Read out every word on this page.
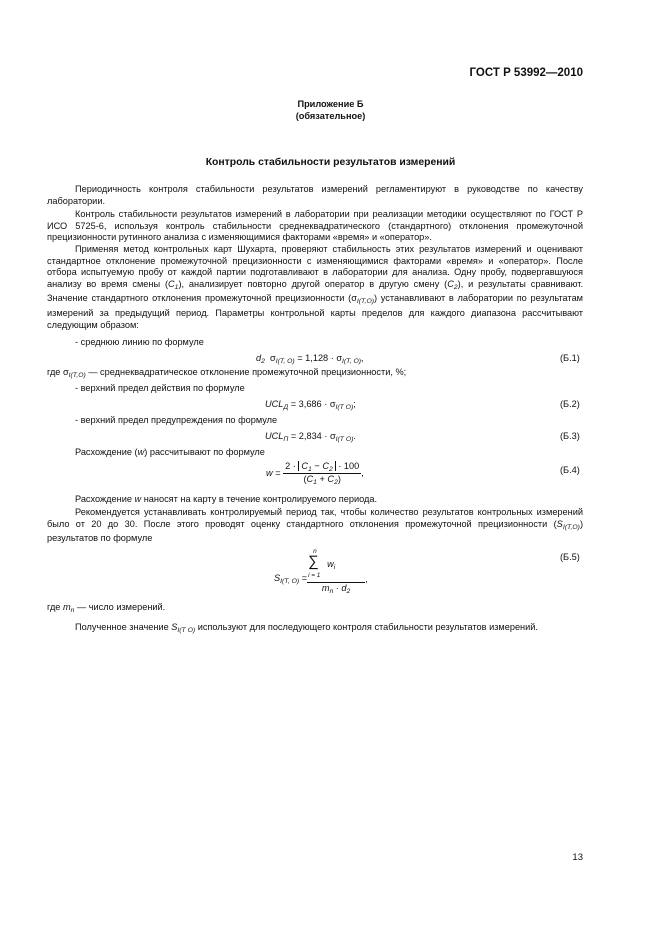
ГОСТ Р 53992—2010
Приложение Б
(обязательное)
Контроль стабильности результатов измерений

Периодичность контроля стабильности результатов измерений регламентируют в руководстве по качеству лаборатории.

Контроль стабильности результатов измерений в лаборатории при реализации методики осуществляют по ГОСТ Р ИСО 5725-6, используя контроль стабильности среднеквадратического (стандартного) отклонения промежуточной прецизионности рутинного анализа с изменяющимися факторами «время» и «оператор».

Применяя метод контрольных карт Шухарта, проверяют стабильность этих результатов измерений и оценивают стандартное отклонение промежуточной прецизионности с изменяющимися факторами «время» и «оператор». После отбора испытуемую пробу от каждой партии подготавливают в лаборатории для анализа. Одну пробу, подвергавшуюся анализу во время смены $(C_1)$, анализирует повторно другой оператор в другую смену $(C_2)$, и результаты сравнивают. Значение стандартного отклонения промежуточной прецизионности $(\sigma_{I(T,O)})$ устанавливают в лаборатории по результатам измерений за предыдущий период. Параметры контрольной карты пределов для каждого диапазона рассчитывают следующим образом:

- среднюю линию по формуле

$d_2$ $\sigma_{I(T, O)} = 1,128 \cdot \sigma_{I(T, O)}$,	(Б.1)

где $\sigma_{I(T,O)}$ — среднеквадратическое отклонение промежуточной прецизионности, %;

- верхний предел действия по формуле

$UCL_Д = 3,686 \cdot \sigma_{I(T O)}$;	(Б.2)

- верхний предел предупреждения по формуле

$UCL_П = 2,834 \cdot \sigma_{I(T O)}$.	(Б.3)

Расхождение (w) рассчитывают по формуле

$w = \frac{2 \cdot C_1 - C_2 \cdot 100}{(C_1 + C_2)}$ ,	(Б.4)

Расхождение w наносят на карту в течение контролируемого периода.

Рекомендуется устанавливать контролируемый период так, чтобы количество результатов контрольных измерений было от 20 до 30. После этого проводят оценку стандартного отклонения промежуточной прецизионности $(S_{I(T,O)})$ результатов по формуле

$S_{I(T, O)} = n$
∑
i = 1
$w_i$
$m_n \cdot d_2$ ,
(Б.5)

где $m_n$ — число измерений.

Полученное значение $S_{I(T O)}$ используют для последующего контроля стабильности результатов измерений.

13
